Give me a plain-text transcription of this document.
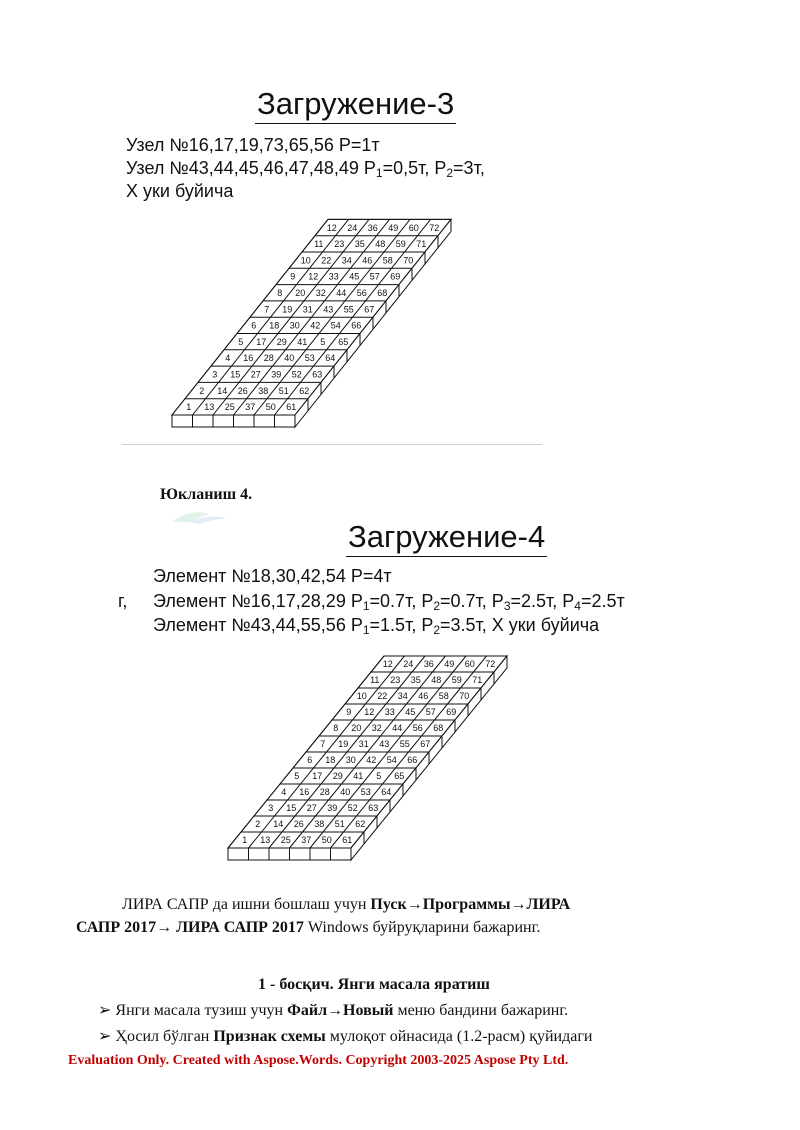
Загружение-3
Узел №16,17,19,73,65,56 P=1т
Узел №43,44,45,46,47,48,49 $P_1=0,5т$, $P_2=3т$,
Х уки буйича
12 24 36 49 60 72
11 23 35 48 59 71
10 22 34 46 58 70
9 12 33 45 57 69
8 20 32 44 56 68
7 19 31 43 55 67
6 18 30 42 54 66
5 17 29 41 5 65
4 16 28 40 53 64
3 15 27 39 52 63
2 14 26 38 51 62
1 13 25 37 50 61
Юкланиш 4.
Загружение-4
Элемент №18,30,42,54 P=4т
г, Элемент №16,17,28,29 $P_1=0.7т$, $P_2=0.7т$, $P_3=2.5т$, $P_4=2.5т$
Элемент №43,44,55,56 $P_1=1.5т$, $P_2=3.5т$, Х уки буйича
12 24 36 49 60 72
11 23 35 48 59 71
10 22 34 46 58 70
9 12 33 45 57 69
8 20 32 44 56 68
7 19 31 43 55 67
6 18 30 42 54 66
5 17 29 41 5 65
4 16 28 40 53 64
3 15 27 39 52 63
2 14 26 38 51 62
1 13 25 37 50 61
ЛИРА САПР да ишни бошлаш учун Пуск→Программы→ЛИРА
САПР 2017→ ЛИРА САПР 2017 Windows буйруқларини бажаринг.
1 - босқич. Янги масала яратиш
➢ Янги масала тузиш учун Файл→Новый меню бандини бажаринг.
➢ Ҳосил бўлган Признак схемы мулоқот ойнасида (1.2-расм) қуйидаги
Evaluation Only. Created with Aspose.Words. Copyright 2003-2025 Aspose Pty Ltd.
